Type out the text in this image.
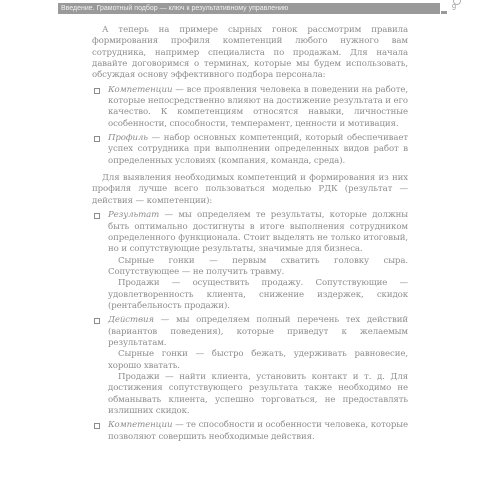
Введение. Грамотный подбор — ключ к результативному управлению	9

А теперь на примере сырных гонок рассмотрим правила формирования профиля компетенций любого нужного вам сотрудника, например специалиста по продажам. Для начала давайте договоримся о терминах, которые мы будем использовать, обсуждая основу эффективного подбора персонала:

Компетенции — все проявления человека в поведении на работе, которые непосредственно влияют на достижение результата и его качество. К компетенциям относятся навыки, личностные особенности, способности, темперамент, ценности и мотивация.
Профиль — набор основных компетенций, который обеспечивает успех сотрудника при выполнении определенных видов работ в определенных условиях (компания, команда, среда).

Для выявления необходимых компетенций и формирования из них профиля лучше всего пользоваться моделью РДК (результат — действия — компетенции):

Результат — мы определяем те результаты, которые должны быть оптимально достигнуты в итоге выполнения сотрудником определенного функционала. Стоит выделять не только итоговый, но и сопутствующие результаты, значимые для бизнеса.

Сырные гонки — первым схватить головку сыра. Сопутствующее — не получить травму.

Продажи — осуществить продажу. Сопутствующие — удовлетворенность клиента, снижение издержек, скидок (рентабельность продажи).

Действия — мы определяем полный перечень тех действий (вариантов поведения), которые приведут к желаемым результатам.

Сырные гонки — быстро бежать, удерживать равновесие, хорошо хватать.

Продажи — найти клиента, установить контакт и т. д. Для достижения сопутствующего результата также необходимо не обманывать клиента, успешно торговаться, не предоставлять излишних скидок.

Компетенции — те способности и особенности человека, которые позволяют совершить необходимые действия.
